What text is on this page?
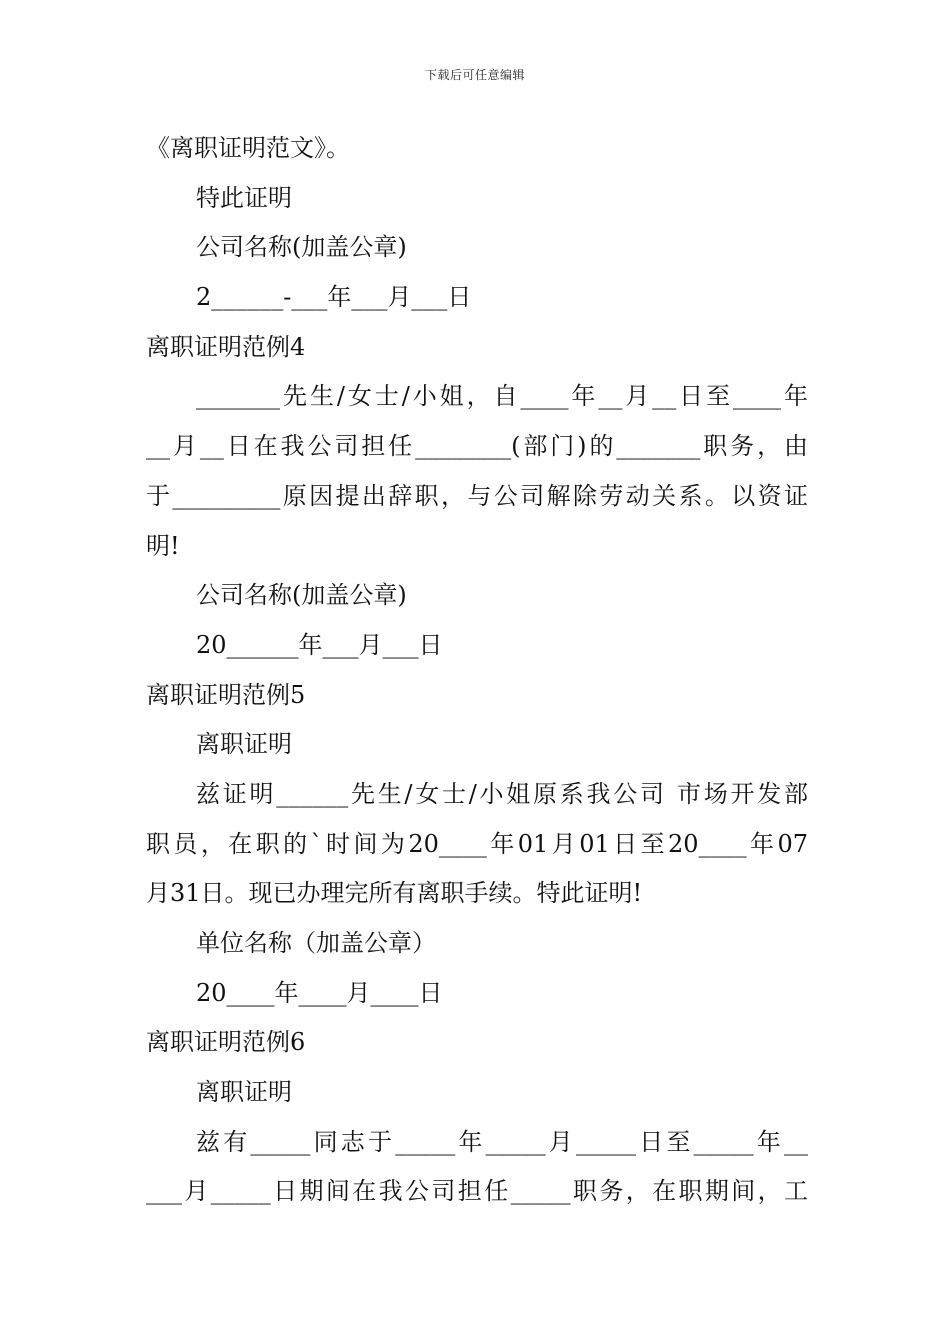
下载后可任意编辑

《离职证明范文》。

特此证明

公司名称(加盖公章)

2______-___年___月___日

离职证明范例4

_______先生/女士/小姐，自____年__月__日至____年

__月__日在我公司担任________(部门)的_______职务，由

于_________原因提出辞职，与公司解除劳动关系。以资证

明!

公司名称(加盖公章)

20______年___月___日

离职证明范例5

离职证明

兹证明______先生/女士/小姐原系我公司 市场开发部

职员，在职的`时间为20____年01月01日至20____年07

月31日。现已办理完所有离职手续。特此证明!

单位名称（加盖公章）

20____年____月____日

离职证明范例6

离职证明

兹有_____同志于_____年_____月_____日至_____年__

___月_____日期间在我公司担任_____职务，在职期间，工
